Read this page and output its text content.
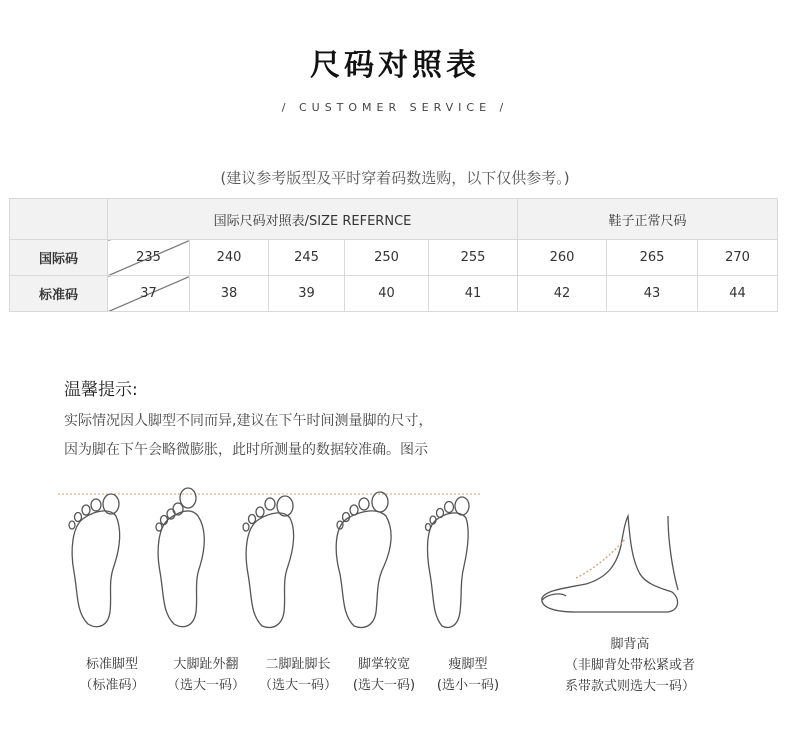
尺码对照表
/ CUSTOMER SERVICE /
(建议参考版型及平时穿着码数选购，以下仅供参考。)
	国际尺码对照表/SIZE REFERNCE					鞋子正常尺码		
国际码	235	240	245	250	255	260	265	270
标准码	37	38	39	40	41	42	43	44
温馨提示:
实际情况因人脚型不同而异,建议在下午时间测量脚的尺寸，
因为脚在下午会略微膨胀，此时所测量的数据较准确。图示
标准脚型
（标准码）
大脚趾外翻
（选大一码）
二脚趾脚长
（选大一码）
脚掌较宽
(选大一码)
瘦脚型
(选小一码)
脚背高
（非脚背处带松紧或者
系带款式则选大一码）
